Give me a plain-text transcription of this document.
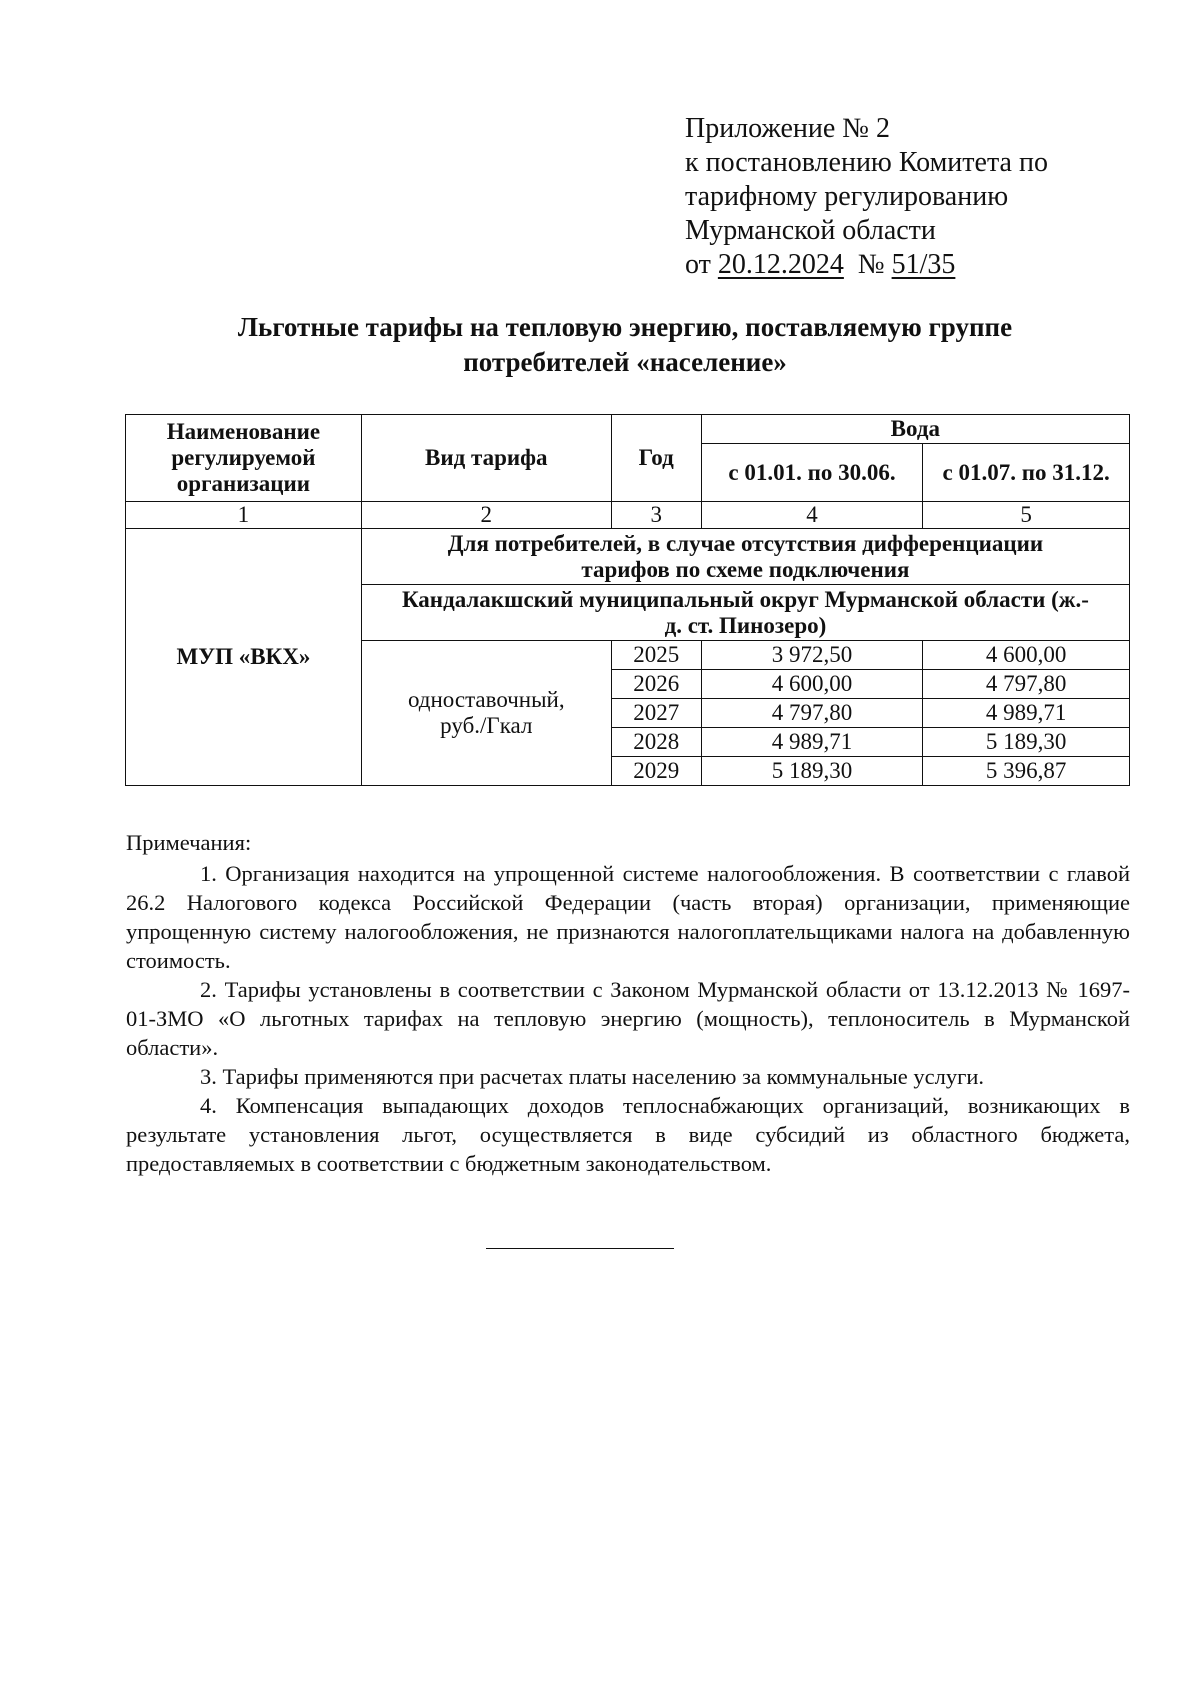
Приложение № 2
к постановлению Комитета по
тарифному регулированию
Мурманской области
от 20.12.2024 № 51/35
Льготные тарифы на тепловую энергию, поставляемую группе
потребителей «население»
Наименование регулируемой организации	Вид тарифа	Год	Вода	
			с 01.01. по 30.06.	с 01.07. по 31.12.
1	2	3	4	5
МУП «ВКХ»	Для потребителей, в случае отсутствия дифференциации тарифов по схеме подключения			
	Кандалакшский муниципальный округ Мурманской области (ж.-д. ст. Пинозеро)			
	одноставочный, руб./Гкал	2025	3 972,50	4 600,00
		2026	4 600,00	4 797,80
		2027	4 797,80	4 989,71
		2028	4 989,71	5 189,30
		2029	5 189,30	5 396,87

Примечания:

1. Организация находится на упрощенной системе налогообложения. В соответствии с главой 26.2 Налогового кодекса Российской Федерации (часть вторая) организации, применяющие упрощенную систему налогообложения, не признаются налогоплательщиками налога на добавленную стоимость.

2. Тарифы установлены в соответствии с Законом Мурманской области от 13.12.2013 № 1697-01-ЗМО «О льготных тарифах на тепловую энергию (мощность), теплоноситель в Мурманской области».

3. Тарифы применяются при расчетах платы населению за коммунальные услуги.

4. Компенсация выпадающих доходов теплоснабжающих организаций, возникающих в результате установления льгот, осуществляется в виде субсидий из областного бюджета, предоставляемых в соответствии с бюджетным законодательством.
